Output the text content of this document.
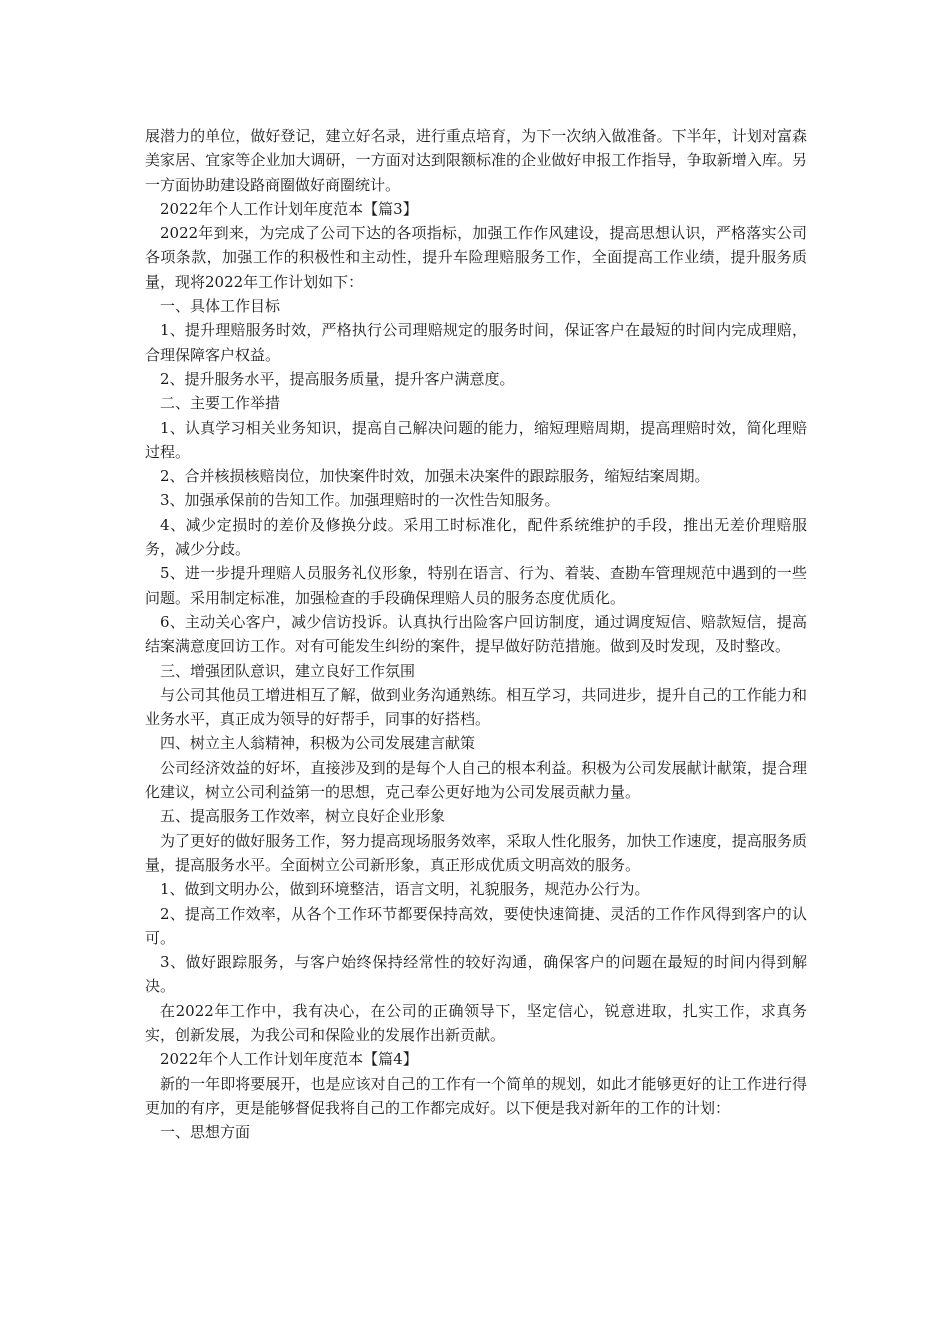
展潜力的单位，做好登记，建立好名录，进行重点培育，为下一次纳入做准备。下半年，计划对富森美家居、宜家等企业加大调研，一方面对达到限额标准的企业做好申报工作指导，争取新增入库。另一方面协助建设路商圈做好商圈统计。

2022年个人工作计划年度范本【篇3】

2022年到来，为完成了公司下达的各项指标，加强工作作风建设，提高思想认识，严格落实公司各项条款，加强工作的积极性和主动性，提升车险理赔服务工作，全面提高工作业绩，提升服务质量，现将2022年工作计划如下：

一、具体工作目标

1、提升理赔服务时效，严格执行公司理赔规定的服务时间，保证客户在最短的时间内完成理赔，合理保障客户权益。

2、提升服务水平，提高服务质量，提升客户满意度。

二、主要工作举措

1、认真学习相关业务知识，提高自己解决问题的能力，缩短理赔周期，提高理赔时效，简化理赔过程。

2、合并核损核赔岗位，加快案件时效，加强未决案件的跟踪服务，缩短结案周期。

3、加强承保前的告知工作。加强理赔时的一次性告知服务。

4、减少定损时的差价及修换分歧。采用工时标准化，配件系统维护的手段，推出无差价理赔服务，减少分歧。

5、进一步提升理赔人员服务礼仪形象，特别在语言、行为、着装、查勘车管理规范中遇到的一些问题。采用制定标准，加强检查的手段确保理赔人员的服务态度优质化。

6、主动关心客户，减少信访投诉。认真执行出险客户回访制度，通过调度短信、赔款短信，提高结案满意度回访工作。对有可能发生纠纷的案件，提早做好防范措施。做到及时发现，及时整改。

三、增强团队意识，建立良好工作氛围

与公司其他员工增进相互了解，做到业务沟通熟练。相互学习，共同进步，提升自己的工作能力和业务水平，真正成为领导的好帮手，同事的好搭档。

四、树立主人翁精神，积极为公司发展建言献策

公司经济效益的好坏，直接涉及到的是每个人自己的根本利益。积极为公司发展献计献策，提合理化建议，树立公司利益第一的思想，克己奉公更好地为公司发展贡献力量。

五、提高服务工作效率，树立良好企业形象

为了更好的做好服务工作，努力提高现场服务效率，采取人性化服务，加快工作速度，提高服务质量，提高服务水平。全面树立公司新形象，真正形成优质文明高效的服务。

1、做到文明办公，做到环境整洁，语言文明，礼貌服务，规范办公行为。

2、提高工作效率，从各个工作环节都要保持高效，要使快速简捷、灵活的工作作风得到客户的认可。

3、做好跟踪服务，与客户始终保持经常性的较好沟通，确保客户的问题在最短的时间内得到解决。

在2022年工作中，我有决心，在公司的正确领导下，坚定信心，锐意进取，扎实工作，求真务实，创新发展，为我公司和保险业的发展作出新贡献。

2022年个人工作计划年度范本【篇4】

新的一年即将要展开，也是应该对自己的工作有一个简单的规划，如此才能够更好的让工作进行得更加的有序，更是能够督促我将自己的工作都完成好。以下便是我对新年的工作的计划：

一、思想方面
